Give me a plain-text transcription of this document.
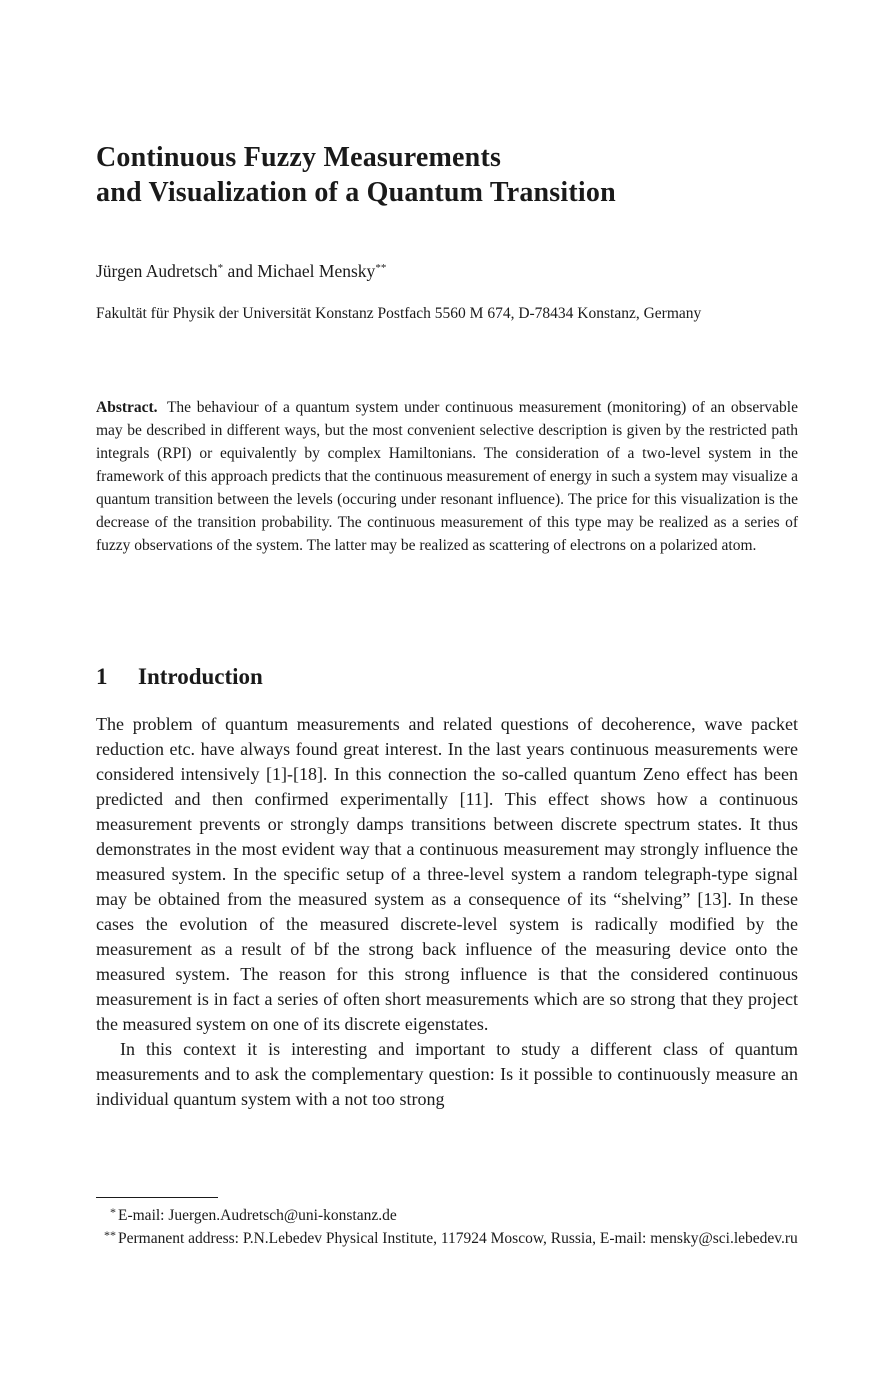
Continuous Fuzzy Measurements
and Visualization of a Quantum Transition
Jürgen Audretsch* and Michael Mensky**
Fakultät für Physik der Universität Konstanz Postfach 5560 M 674, D-78434 Konstanz, Germany
Abstract. The behaviour of a quantum system under continuous measurement (monitoring) of an observable may be described in different ways, but the most convenient selective description is given by the restricted path integrals (RPI) or equivalently by complex Hamiltonians. The consideration of a two-level system in the framework of this approach predicts that the continuous measurement of energy in such a system may visualize a quantum transition between the levels (occuring under resonant influence). The price for this visualization is the decrease of the transition probability. The continuous measurement of this type may be realized as a series of fuzzy observations of the system. The latter may be realized as scattering of electrons on a polarized atom.
1 Introduction

The problem of quantum measurements and related questions of decoherence, wave packet reduction etc. have always found great interest. In the last years continuous measurements were considered intensively [1]-[18]. In this connection the so-called quantum Zeno effect has been predicted and then confirmed experimentally [11]. This effect shows how a continuous measurement prevents or strongly damps transitions between discrete spectrum states. It thus demonstrates in the most evident way that a continuous measurement may strongly influence the measured system. In the specific setup of a three-level system a random telegraph-type signal may be obtained from the measured system as a consequence of its “shelving” [13]. In these cases the evolution of the measured discrete-level system is radically modified by the measurement as a result of bf the strong back influence of the measuring device onto the measured system. The reason for this strong influence is that the considered continuous measurement is in fact a series of often short measurements which are so strong that they project the measured system on one of its discrete eigenstates.

In this context it is interesting and important to study a different class of quantum measurements and to ask the complementary question: Is it possible to continuously measure an individual quantum system with a not too strong

* E-mail: Juergen.Audretsch@uni-konstanz.de
** Permanent address: P.N.Lebedev Physical Institute, 117924 Moscow, Russia, E-mail: mensky@sci.lebedev.ru
